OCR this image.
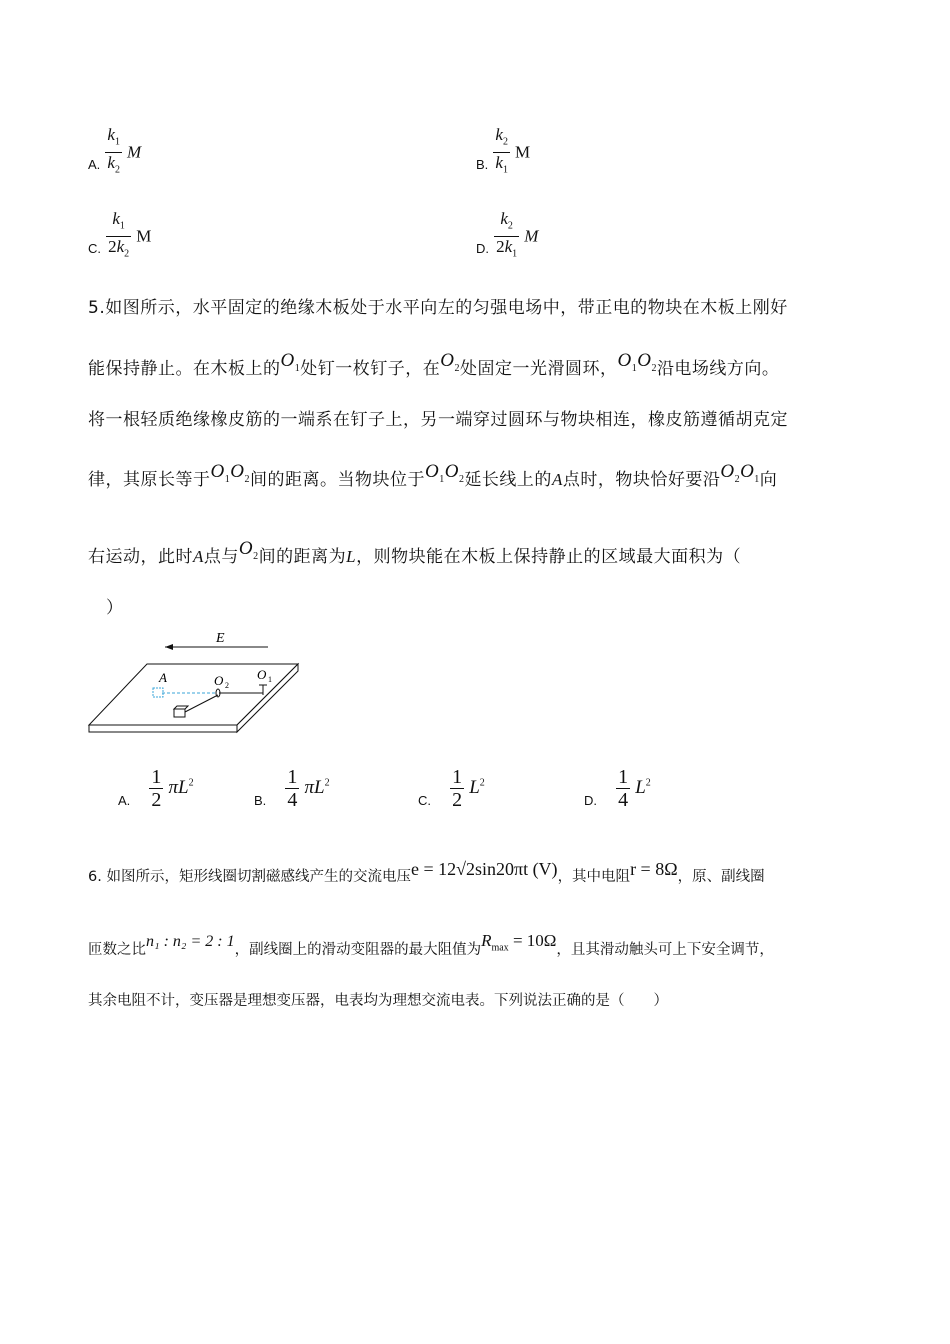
$_{A.} \frac{k_1}{k_2}$ M
$_{B.} \frac{k_2}{k_1}$ M
$_{C.} \frac{k_1}{2k_2}$ M
$_{D.} \frac{k_2}{2k_1}$ M
5.如图所示，水平固定的绝缘木板处于水平向左的匀强电场中，带正电的物块在木板上刚好
能保持静止。在木板上的$O_1$处钉一枚钉子，在$O_2$处固定一光滑圆环，$O_1O_2$沿电场线方向。
将一根轻质绝缘橡皮筋的一端系在钉子上，另一端穿过圆环与物块相连，橡皮筋遵循胡克定
律，其原长等于$O_1O_2$间的距离。当物块位于$O_1O_2$延长线上的A点时，物块恰好要沿$O_2O_1$向
右运动，此时A点与$O_2$间的距离为L，则物块能在木板上保持静止的区域最大面积为（
）
E
A	O 2
O 1
$_{A.} \frac{1}{2} \pi L^2$
$_{B.} \frac{1}{4} \pi L^2$
$_{C.} \frac{1}{2} L^2$
$_{D.} \frac{1}{4} L^2$
6. 如图所示，矩形线圈切割磁感线产生的交流电压e = 12√2sin20πt (V)，其中电阻r = 8Ω，原、副线圈
匝数之比n₁ : n₂ = 2 : 1，副线圈上的滑动变阻器的最大阻值为$R_{max} = 10\Omega$，且其滑动触头可上下安全调节，
其余电阻不计，变压器是理想变压器，电表均为理想交流电表。下列说法正确的是（　　）
